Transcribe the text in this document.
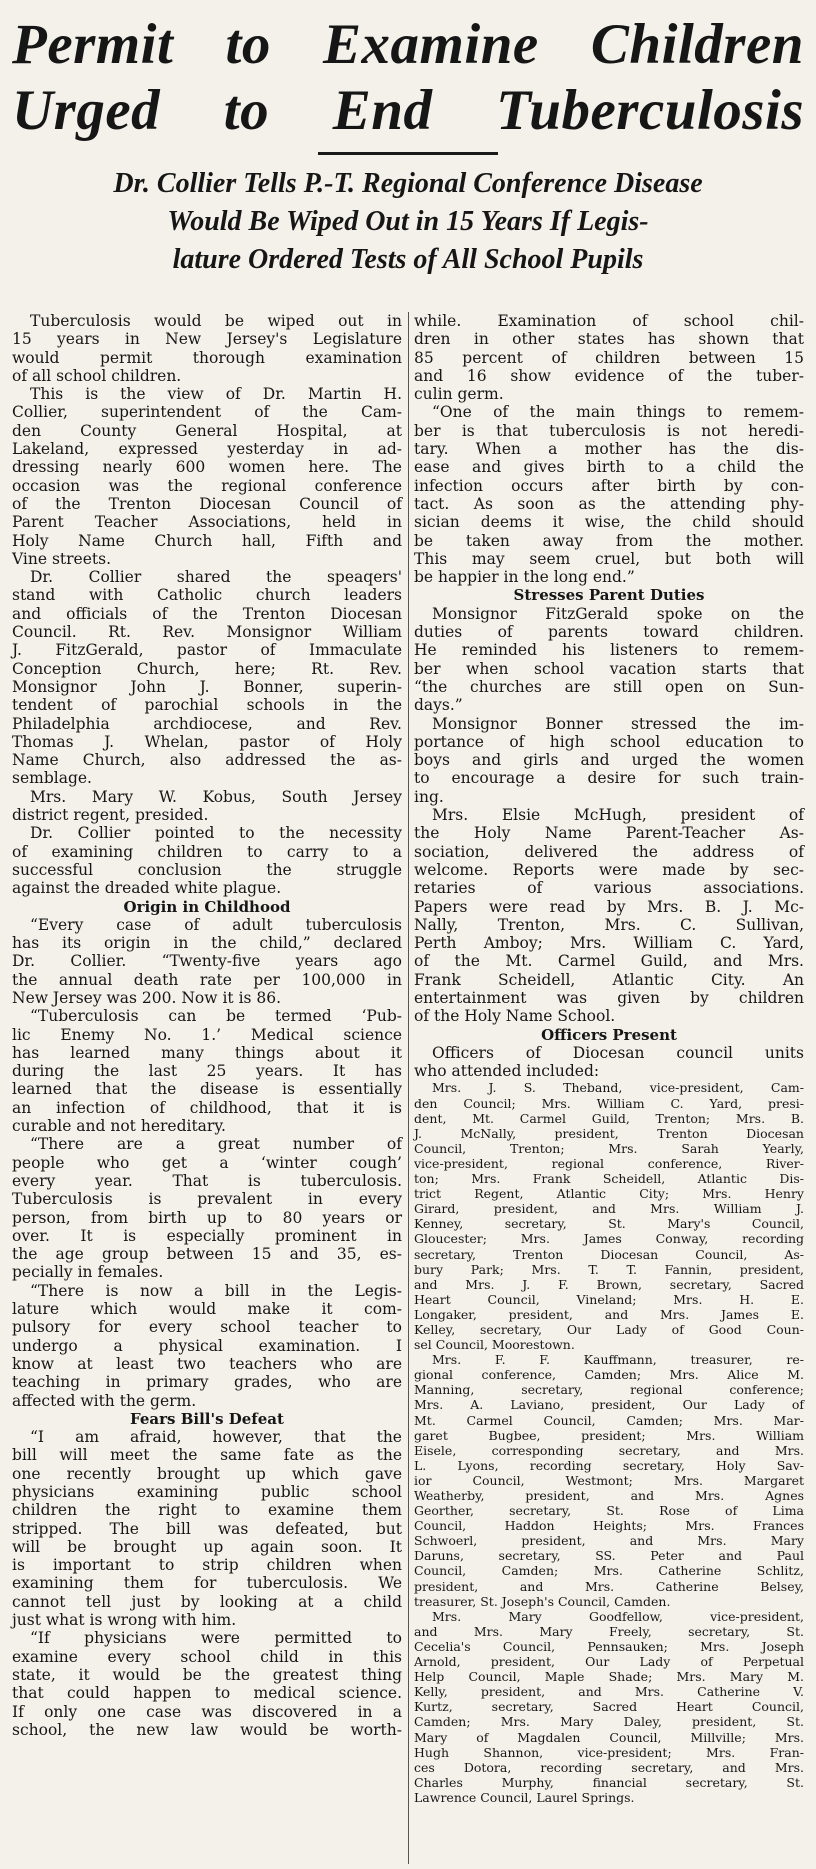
Permit to Examine Children
Urged to End Tuberculosis
Dr. Collier Tells P.-T. Regional Conference Disease
Would Be Wiped Out in 15 Years If Legis-
lature Ordered Tests of All School Pupils
Tuberculosis would be wiped out in
15 years in New Jersey's Legislature
would permit thorough examination
of all school children.
This is the view of Dr. Martin H.
Collier, superintendent of the Cam-
den County General Hospital, at
Lakeland, expressed yesterday in ad-
dressing nearly 600 women here. The
occasion was the regional conference
of the Trenton Diocesan Council of
Parent Teacher Associations, held in
Holy Name Church hall, Fifth and
Vine streets.
Dr. Collier shared the speaqers'
stand with Catholic church leaders
and officials of the Trenton Diocesan
Council. Rt. Rev. Monsignor William
J. FitzGerald, pastor of Immaculate
Conception Church, here; Rt. Rev.
Monsignor John J. Bonner, superin-
tendent of parochial schools in the
Philadelphia archdiocese, and Rev.
Thomas J. Whelan, pastor of Holy
Name Church, also addressed the as-
semblage.
Mrs. Mary W. Kobus, South Jersey
district regent, presided.
Dr. Collier pointed to the necessity
of examining children to carry to a
successful conclusion the struggle
against the dreaded white plague.
Origin in Childhood
“Every case of adult tuberculosis
has its origin in the child,” declared
Dr. Collier. “Twenty-five years ago
the annual death rate per 100,000 in
New Jersey was 200. Now it is 86.
“Tuberculosis can be termed ‘Pub-
lic Enemy No. 1.’ Medical science
has learned many things about it
during the last 25 years. It has
learned that the disease is essentially
an infection of childhood, that it is
curable and not hereditary.
“There are a great number of
people who get a ‘winter cough’
every year. That is tuberculosis.
Tuberculosis is prevalent in every
person, from birth up to 80 years or
over. It is especially prominent in
the age group between 15 and 35, es-
pecially in females.
“There is now a bill in the Legis-
lature which would make it com-
pulsory for every school teacher to
undergo a physical examination. I
know at least two teachers who are
teaching in primary grades, who are
affected with the germ.
Fears Bill's Defeat
“I am afraid, however, that the
bill will meet the same fate as the
one recently brought up which gave
physicians examining public school
children the right to examine them
stripped. The bill was defeated, but
will be brought up again soon. It
is important to strip children when
examining them for tuberculosis. We
cannot tell just by looking at a child
just what is wrong with him.
“If physicians were permitted to
examine every school child in this
state, it would be the greatest thing
that could happen to medical science.
If only one case was discovered in a
school, the new law would be worth-
while. Examination of school chil-
dren in other states has shown that
85 percent of children between 15
and 16 show evidence of the tuber-
culin germ.
“One of the main things to remem-
ber is that tuberculosis is not heredi-
tary. When a mother has the dis-
ease and gives birth to a child the
infection occurs after birth by con-
tact. As soon as the attending phy-
sician deems it wise, the child should
be taken away from the mother.
This may seem cruel, but both will
be happier in the long end.”
Stresses Parent Duties
Monsignor FitzGerald spoke on the
duties of parents toward children.
He reminded his listeners to remem-
ber when school vacation starts that
“the churches are still open on Sun-
days.”
Monsignor Bonner stressed the im-
portance of high school education to
boys and girls and urged the women
to encourage a desire for such train-
ing.
Mrs. Elsie McHugh, president of
the Holy Name Parent-Teacher As-
sociation, delivered the address of
welcome. Reports were made by sec-
retaries of various associations.
Papers were read by Mrs. B. J. Mc-
Nally, Trenton, Mrs. C. Sullivan,
Perth Amboy; Mrs. William C. Yard,
of the Mt. Carmel Guild, and Mrs.
Frank Scheidell, Atlantic City. An
entertainment was given by children
of the Holy Name School.
Officers Present
Officers of Diocesan council units
who attended included:
Mrs. J. S. Theband, vice-president, Cam-
den Council; Mrs. William C. Yard, presi-
dent, Mt. Carmel Guild, Trenton; Mrs. B.
J. McNally, president, Trenton Diocesan
Council, Trenton; Mrs. Sarah Yearly,
vice-president, regional conference, River-
ton; Mrs. Frank Scheidell, Atlantic Dis-
trict Regent, Atlantic City; Mrs. Henry
Girard, president, and Mrs. William J.
Kenney, secretary, St. Mary's Council,
Gloucester; Mrs. James Conway, recording
secretary, Trenton Diocesan Council, As-
bury Park; Mrs. T. T. Fannin, president,
and Mrs. J. F. Brown, secretary, Sacred
Heart Council, Vineland; Mrs. H. E.
Longaker, president, and Mrs. James E.
Kelley, secretary, Our Lady of Good Coun-
sel Council, Moorestown.
Mrs. F. F. Kauffmann, treasurer, re-
gional conference, Camden; Mrs. Alice M.
Manning, secretary, regional conference;
Mrs. A. Laviano, president, Our Lady of
Mt. Carmel Council, Camden; Mrs. Mar-
garet Bugbee, president; Mrs. William
Eisele, corresponding secretary, and Mrs.
L. Lyons, recording secretary, Holy Sav-
ior Council, Westmont; Mrs. Margaret
Weatherby, president, and Mrs. Agnes
Georther, secretary, St. Rose of Lima
Council, Haddon Heights; Mrs. Frances
Schwoerl, president, and Mrs. Mary
Daruns, secretary, SS. Peter and Paul
Council, Camden; Mrs. Catherine Schlitz,
president, and Mrs. Catherine Belsey,
treasurer, St. Joseph's Council, Camden.
Mrs. Mary Goodfellow, vice-president,
and Mrs. Mary Freely, secretary, St.
Cecelia's Council, Pennsauken; Mrs. Joseph
Arnold, president, Our Lady of Perpetual
Help Council, Maple Shade; Mrs. Mary M.
Kelly, president, and Mrs. Catherine V.
Kurtz, secretary, Sacred Heart Council,
Camden; Mrs. Mary Daley, president, St.
Mary of Magdalen Council, Millville; Mrs.
Hugh Shannon, vice-president; Mrs. Fran-
ces Dotora, recording secretary, and Mrs.
Charles Murphy, financial secretary, St.
Lawrence Council, Laurel Springs.
